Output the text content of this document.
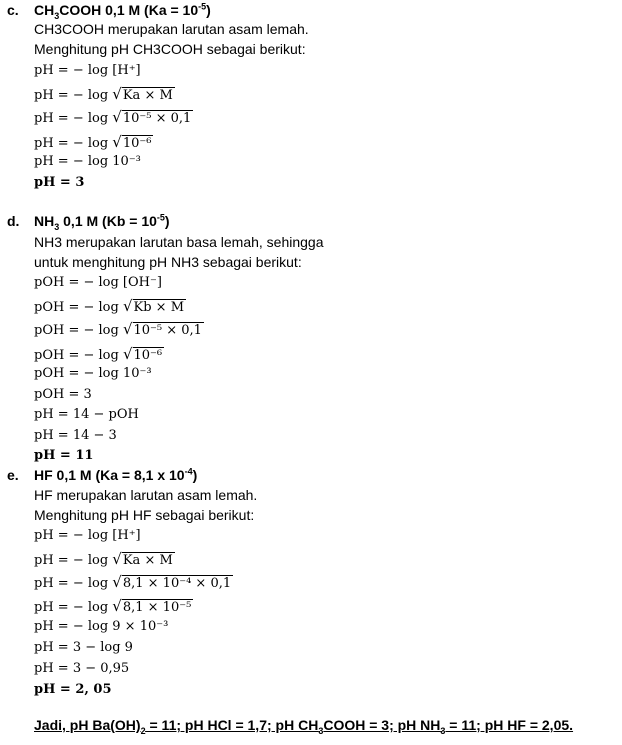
c. $CH_3COOH$ 0,1 M $(Ka = 10^{-5})$
CH3COOH merupakan larutan asam lemah.
Menghitung pH CH3COOH sebagai berikut:
pH = − log [H⁺]
pH = − log √Ka × M
pH = − log √10⁻⁵ × 0,1
pH = − log √10⁻⁶
pH = − log 10⁻³
pH = 3
d. $NH_3$ 0,1 M $(Kb = 10^{-5})$
NH3 merupakan larutan basa lemah, sehingga
untuk menghitung pH NH3 sebagai berikut:
pOH = − log [OH⁻]
pOH = − log √Kb × M
pOH = − log √10⁻⁵ × 0,1
pOH = − log √10⁻⁶
pOH = − log 10⁻³
pOH = 3
pH = 14 − pOH
pH = 14 − 3
pH = 11
e. HF 0,1 M (Ka = 8,1 x $10^{-4}$)
HF merupakan larutan asam lemah.
Menghitung pH HF sebagai berikut:
pH = − log [H⁺]
pH = − log √Ka × M
pH = − log √8,1 × 10⁻⁴ × 0,1
pH = − log √8,1 × 10⁻⁵
pH = − log 9 × 10⁻³
pH = 3 − log 9
pH = 3 − 0,95
pH = 2, 05
Jadi, pH $Ba(OH)_2 = 11$; pH HCl = 1,7; pH $CH_3COOH = 3$; pH $NH_3 = 11$; pH HF = 2,05.
